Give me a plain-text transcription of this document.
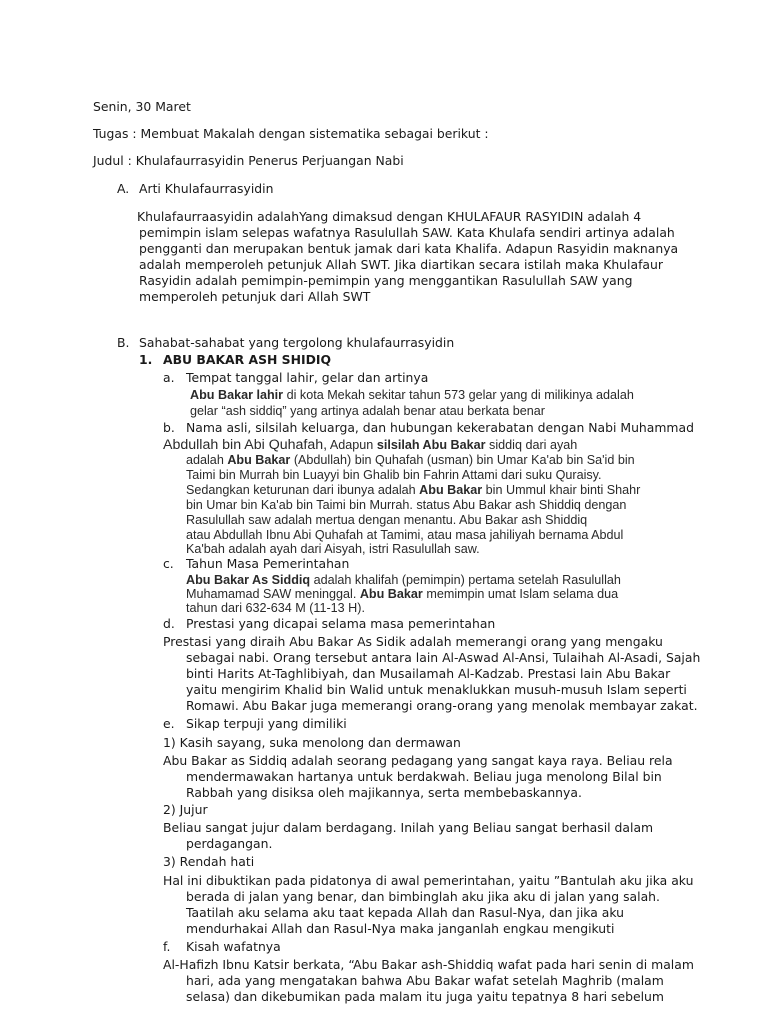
Senin, 30 Maret
Tugas : Membuat Makalah dengan sistematika sebagai berikut :
Judul : Khulafaurrasyidin Penerus Perjuangan Nabi
A. Arti Khulafaurrasyidin
Khulafaurraasyidin adalahYang dimaksud dengan KHULAFAUR RASYIDIN adalah 4
pemimpin islam selepas wafatnya Rasulullah SAW. Kata Khulafa sendiri artinya adalah
pengganti dan merupakan bentuk jamak dari kata Khalifa. Adapun Rasyidin maknanya
adalah memperoleh petunjuk Allah SWT. Jika diartikan secara istilah maka Khulafaur
Rasyidin adalah pemimpin-pemimpin yang menggantikan Rasulullah SAW yang
memperoleh petunjuk dari Allah SWT
B. Sahabat-sahabat yang tergolong khulafaurrasyidin
1. ABU BAKAR ASH SHIDIQ
a. Tempat tanggal lahir, gelar dan artinya
Abu Bakar lahir di kota Mekah sekitar tahun 573 gelar yang di milikinya adalah
gelar “ash siddiq” yang artinya adalah benar atau berkata benar
b. Nama asli, silsilah keluarga, dan hubungan kekerabatan dengan Nabi Muhammad
Abdullah bin Abi Quhafah, Adapun silsilah Abu Bakar siddiq dari ayah
adalah Abu Bakar (Abdullah) bin Quhafah (usman) bin Umar Ka'ab bin Sa'id bin
Taimi bin Murrah bin Luayyi bin Ghalib bin Fahrin Attami dari suku Quraisy.
Sedangkan keturunan dari ibunya adalah Abu Bakar bin Ummul khair binti Shahr
bin Umar bin Ka'ab bin Taimi bin Murrah. status Abu Bakar ash Shiddiq dengan
Rasulullah saw adalah mertua dengan menantu. Abu Bakar ash Shiddiq
atau Abdullah Ibnu Abi Quhafah at Tamimi, atau masa jahiliyah bernama Abdul
Ka'bah adalah ayah dari Aisyah, istri Rasulullah saw.
c. Tahun Masa Pemerintahan
Abu Bakar As Siddiq adalah khalifah (pemimpin) pertama setelah Rasulullah
Muhamamad SAW meninggal. Abu Bakar memimpin umat Islam selama dua
tahun dari 632-634 M (11-13 H).
d. Prestasi yang dicapai selama masa pemerintahan
Prestasi yang diraih Abu Bakar As Sidik adalah memerangi orang yang mengaku
sebagai nabi. Orang tersebut antara lain Al-Aswad Al-Ansi, Tulaihah Al-Asadi, Sajah
binti Harits At-Taghlibiyah, dan Musailamah Al-Kadzab. Prestasi lain Abu Bakar
yaitu mengirim Khalid bin Walid untuk menaklukkan musuh-musuh Islam seperti
Romawi. Abu Bakar juga memerangi orang-orang yang menolak membayar zakat.
e. Sikap terpuji yang dimiliki
1) Kasih sayang, suka menolong dan dermawan
Abu Bakar as Siddiq adalah seorang pedagang yang sangat kaya raya. Beliau rela
mendermawakan hartanya untuk berdakwah. Beliau juga menolong Bilal bin
Rabbah yang disiksa oleh majikannya, serta membebaskannya.
2) Jujur
Beliau sangat jujur dalam berdagang. Inilah yang Beliau sangat berhasil dalam
perdagangan.
3) Rendah hati
Hal ini dibuktikan pada pidatonya di awal pemerintahan, yaitu ”Bantulah aku jika aku
berada di jalan yang benar, dan bimbinglah aku jika aku di jalan yang salah.
Taatilah aku selama aku taat kepada Allah dan Rasul-Nya, dan jika aku
mendurhakai Allah dan Rasul-Nya maka janganlah engkau mengikuti
f. Kisah wafatnya
Al-Hafizh Ibnu Katsir berkata, “Abu Bakar ash-Shiddiq wafat pada hari senin di malam
hari, ada yang mengatakan bahwa Abu Bakar wafat setelah Maghrib (malam
selasa) dan dikebumikan pada malam itu juga yaitu tepatnya 8 hari sebelum
